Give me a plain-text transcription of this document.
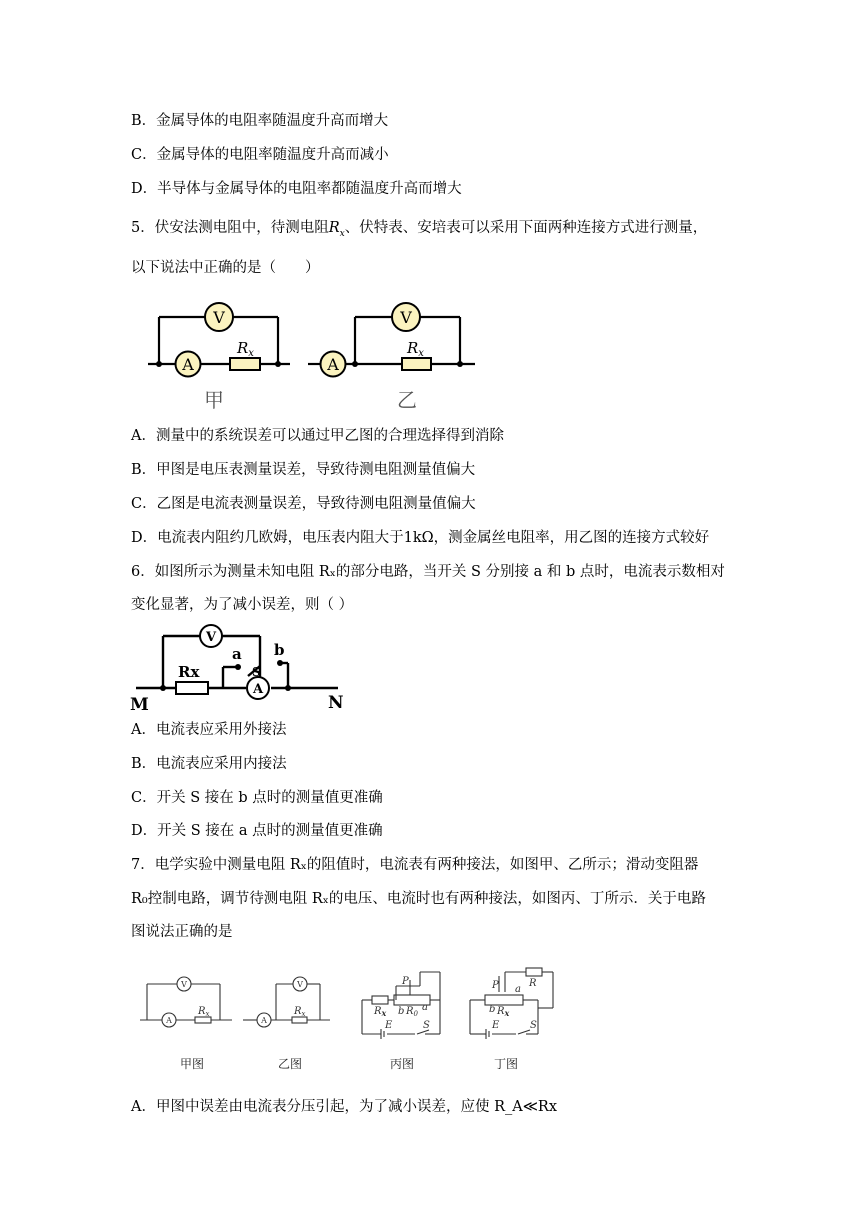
B．金属导体的电阻率随温度升高而增大
C．金属导体的电阻率随温度升高而减小
D．半导体与金属导体的电阻率都随温度升高而增大
5．伏安法测电阻中，待测电阻$R_x$、伏特表、安培表可以采用下面两种连接方式进行测量，
以下说法中正确的是（　　）
V
A
V
A
$R_x$	$R_x$
甲	乙
A．测量中的系统误差可以通过甲乙图的合理选择得到消除
B．甲图是电压表测量误差，导致待测电阻测量值偏大
C．乙图是电流表测量误差，导致待测电阻测量值偏大
D．电流表内阻约几欧姆，电压表内阻大于1kΩ，测金属丝电阻率，用乙图的连接方式较好
6．如图所示为测量未知电阻 Rₓ的部分电路，当开关 S 分别接 a 和 b 点时，电流表示数相对
变化显著，为了减小误差，则（ ）
V
A
Rx
a b
S
M	N
A．电流表应采用外接法
B．电流表应采用内接法
C．开关 S 接在 b 点时的测量值更准确
D．开关 S 接在 a 点时的测量值更准确
7．电学实验中测量电阻 Rₓ的阻值时，电流表有两种接法，如图甲、乙所示；滑动变阻器
R₀控制电路，调节待测电阻 Rₓ的电压、电流时也有两种接法，如图丙、丁所示．关于电路
图说法正确的是
V
A
V
A
$R_x$	$R_x$	$R_x$ b $R_0$
a
P
E	S
P	R
b $R_x$
a
E	S
甲图	乙图	丙图	丁图
A．甲图中误差由电流表分压引起，为了减小误差，应使 R_A≪Rx
